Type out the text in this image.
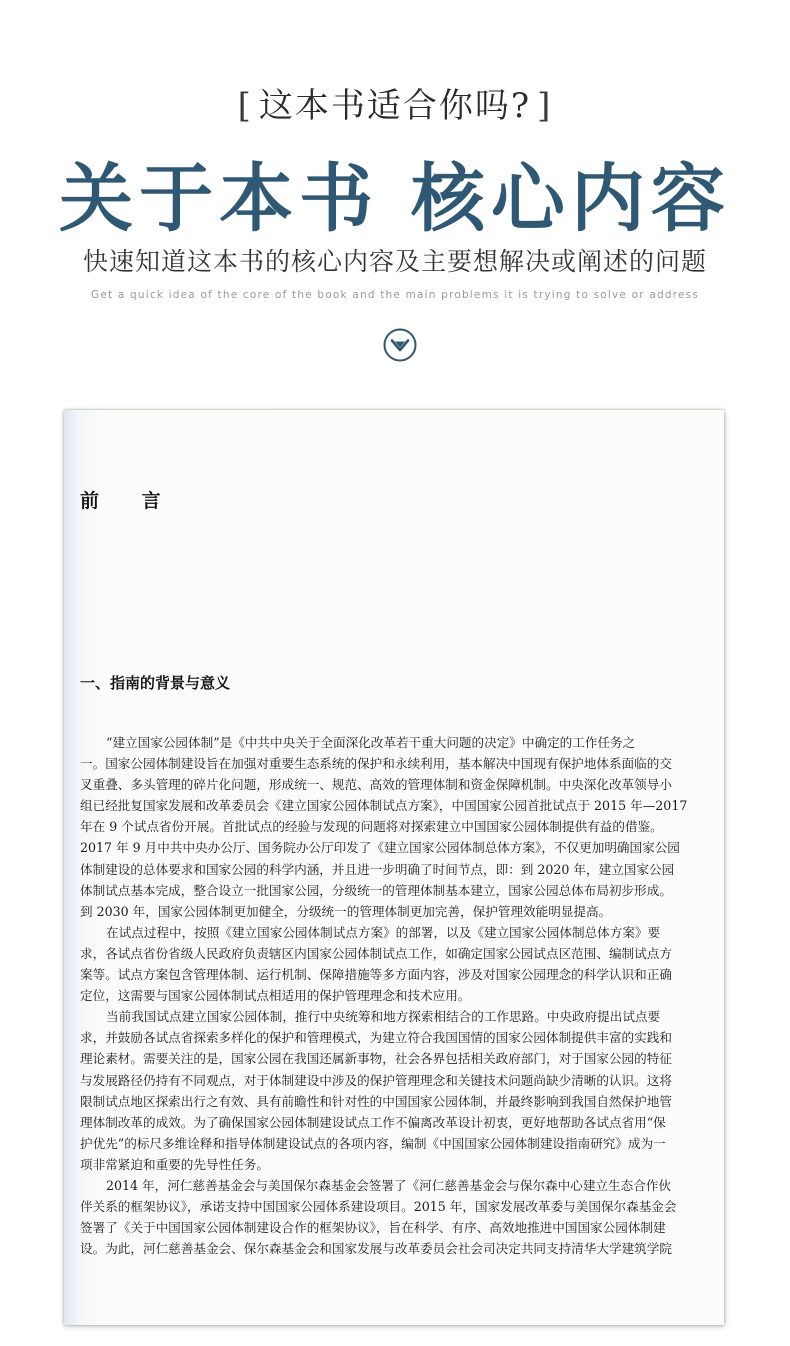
[ 这本书适合你吗? ]
关于本书 核心内容
快速知道这本书的核心内容及主要想解决或阐述的问题
Get a quick idea of the core of the book and the main problems it is trying to solve or address
前 言
一、指南的背景与意义
“建立国家公园体制”是《中共中央关于全面深化改革若干重大问题的决定》中确定的工作任务之
一。国家公园体制建设旨在加强对重要生态系统的保护和永续利用，基本解决中国现有保护地体系面临的交
叉重叠、多头管理的碎片化问题，形成统一、规范、高效的管理体制和资金保障机制。中央深化改革领导小
组已经批复国家发展和改革委员会《建立国家公园体制试点方案》，中国国家公园首批试点于 2015 年—2017
年在 9 个试点省份开展。首批试点的经验与发现的问题将对探索建立中国国家公园体制提供有益的借鉴。
2017 年 9 月中共中央办公厅、国务院办公厅印发了《建立国家公园体制总体方案》，不仅更加明确国家公园
体制建设的总体要求和国家公园的科学内涵，并且进一步明确了时间节点，即：到 2020 年，建立国家公园
体制试点基本完成，整合设立一批国家公园，分级统一的管理体制基本建立，国家公园总体布局初步形成。
到 2030 年，国家公园体制更加健全，分级统一的管理体制更加完善，保护管理效能明显提高。
在试点过程中，按照《建立国家公园体制试点方案》的部署，以及《建立国家公园体制总体方案》要
求，各试点省份省级人民政府负责辖区内国家公园体制试点工作，如确定国家公园试点区范围、编制试点方
案等。试点方案包含管理体制、运行机制、保障措施等多方面内容，涉及对国家公园理念的科学认识和正确
定位，这需要与国家公园体制试点相适用的保护管理理念和技术应用。
当前我国试点建立国家公园体制，推行中央统筹和地方探索相结合的工作思路。中央政府提出试点要
求，并鼓励各试点省探索多样化的保护和管理模式，为建立符合我国国情的国家公园体制提供丰富的实践和
理论素材。需要关注的是，国家公园在我国还属新事物，社会各界包括相关政府部门，对于国家公园的特征
与发展路径仍持有不同观点，对于体制建设中涉及的保护管理理念和关键技术问题尚缺少清晰的认识。这将
限制试点地区探索出行之有效、具有前瞻性和针对性的中国国家公园体制，并最终影响到我国自然保护地管
理体制改革的成效。为了确保国家公园体制建设试点工作不偏离改革设计初衷，更好地帮助各试点省用“保
护优先”的标尺多维诠释和指导体制建设试点的各项内容，编制《中国国家公园体制建设指南研究》成为一
项非常紧迫和重要的先导性任务。
2014 年，河仁慈善基金会与美国保尔森基金会签署了《河仁慈善基金会与保尔森中心建立生态合作伙
伴关系的框架协议》，承诺支持中国国家公园体系建设项目。2015 年，国家发展改革委与美国保尔森基金会
签署了《关于中国国家公园体制建设合作的框架协议》，旨在科学、有序、高效地推进中国国家公园体制建
设。为此，河仁慈善基金会、保尔森基金会和国家发展与改革委员会社会司决定共同支持清华大学建筑学院
